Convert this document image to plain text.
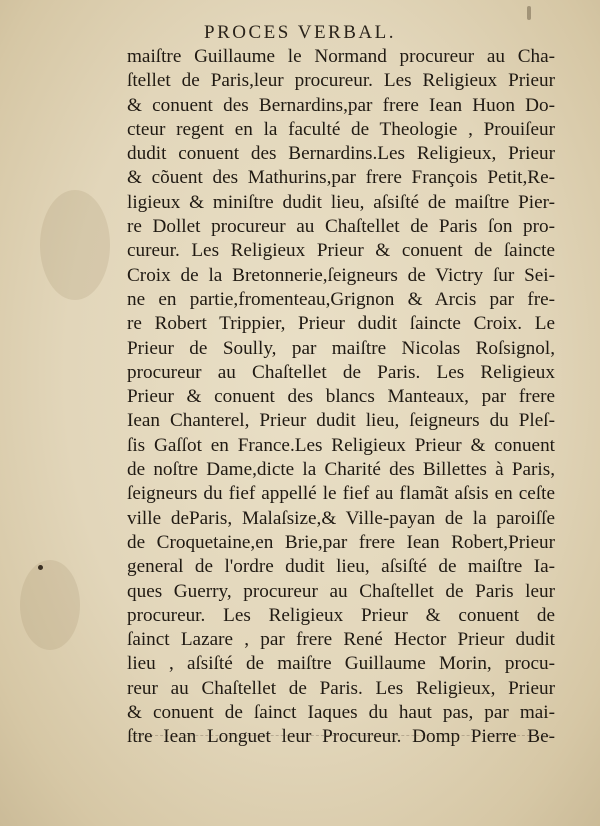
PROCES VERBAL.
maiſtre Guillaume le Normand procureur au Cha-
ſtellet de Paris,leur procureur. Les Religieux Prieur
& conuent des Bernardins,par frere Iean Huon Do-
cteur regent en la faculté de Theologie , Prouiſeur
dudit conuent des Bernardins.Les Religieux, Prieur
& cõuent des Mathurins,par frere François Petit,Re-
ligieux & miniſtre dudit lieu, aſsiſté de maiſtre Pier-
re Dollet procureur au Chaſtellet de Paris ſon pro-
cureur. Les Religieux Prieur & conuent de ſaincte
Croix de la Bretonnerie,ſeigneurs de Victry ſur Sei-
ne en partie,fromenteau,Grignon & Arcis par fre-
re Robert Trippier, Prieur dudit ſaincte Croix. Le
Prieur de Soully, par maiſtre Nicolas Roſsignol,
procureur au Chaſtellet de Paris. Les Religieux
Prieur & conuent des blancs Manteaux, par frere
Iean Chanterel, Prieur dudit lieu, ſeigneurs du Pleſ-
ſis Gaſſot en France.Les Religieux Prieur & conuent
de noſtre Dame,dicte la Charité des Billettes à Paris,
ſeigneurs du fief appellé le fief au flamãt aſsis en ceſte
ville deParis, Malaſsize,& Ville-payan de la paroiſſe
de Croquetaine,en Brie,par frere Iean Robert,Prieur
general de l'ordre dudit lieu, aſsiſté de maiſtre Ia-
ques Guerry, procureur au Chaſtellet de Paris leur
procureur. Les Religieux Prieur & conuent de
ſainct Lazare , par frere René Hector Prieur dudit
lieu , aſsiſté de maiſtre Guillaume Morin, procu-
reur au Chaſtellet de Paris. Les Religieux, Prieur
& conuent de ſainct Iaques du haut pas, par mai-
ſtre Iean Longuet leur Procureur. Domp Pierre Be-
